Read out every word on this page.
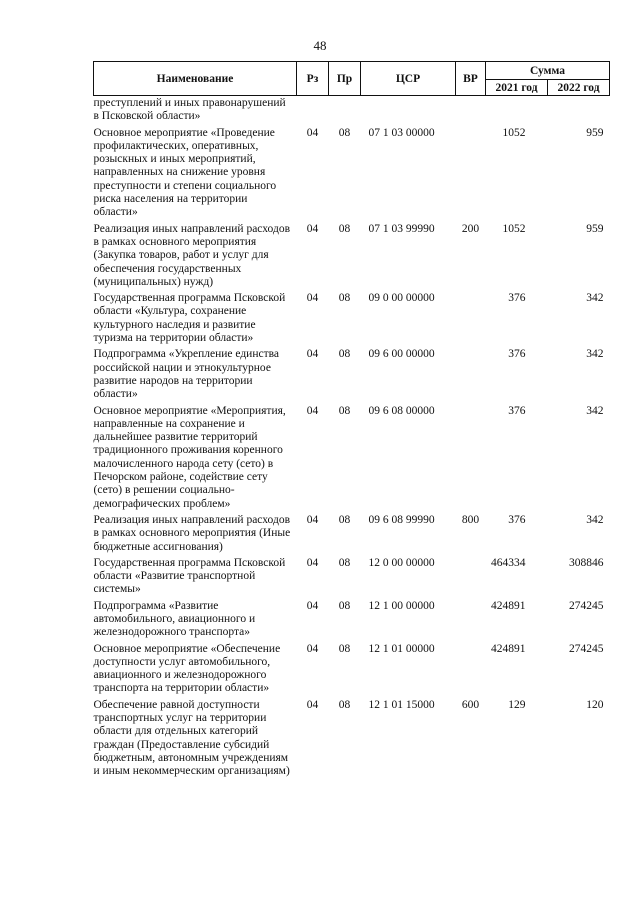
48
Наименование	Рз	Пр	ЦСР	ВР	Сумма	
					2021 год	2022 год
преступлений и иных правонарушений в Псковской области»						
Основное мероприятие «Проведение профилактических, оперативных, розыскных и иных мероприятий, направленных на снижение уровня преступности и степени социального риска населения на территории области»	04	08	07 1 03 00000		1052	959
Реализация иных направлений расходов в рамках основного мероприятия (Закупка товаров, работ и услуг для обеспечения государственных (муниципальных) нужд)	04	08	07 1 03 99990	200	1052	959
Государственная программа Псковской области «Культура, сохранение культурного наследия и развитие туризма на территории области»	04	08	09 0 00 00000		376	342
Подпрограмма «Укрепление единства российской нации и этнокультурное развитие народов на территории области»	04	08	09 6 00 00000		376	342
Основное мероприятие «Мероприятия, направленные на сохранение и дальнейшее развитие территорий традиционного проживания коренного малочисленного народа сету (сето) в Печорском районе, содействие сету (сето) в решении социально-демографических проблем»	04	08	09 6 08 00000		376	342
Реализация иных направлений расходов в рамках основного мероприятия (Иные бюджетные ассигнования)	04	08	09 6 08 99990	800	376	342
Государственная программа Псковской области «Развитие транспортной системы»	04	08	12 0 00 00000		464334	308846
Подпрограмма «Развитие автомобильного, авиационного и железнодорожного транспорта»	04	08	12 1 00 00000		424891	274245
Основное мероприятие «Обеспечение доступности услуг автомобильного, авиационного и железнодорожного транспорта на территории области»	04	08	12 1 01 00000		424891	274245
Обеспечение равной доступности транспортных услуг на территории области для отдельных категорий граждан (Предоставление субсидий бюджетным, автономным учреждениям и иным некоммерческим организациям)	04	08	12 1 01 15000	600	129	120
